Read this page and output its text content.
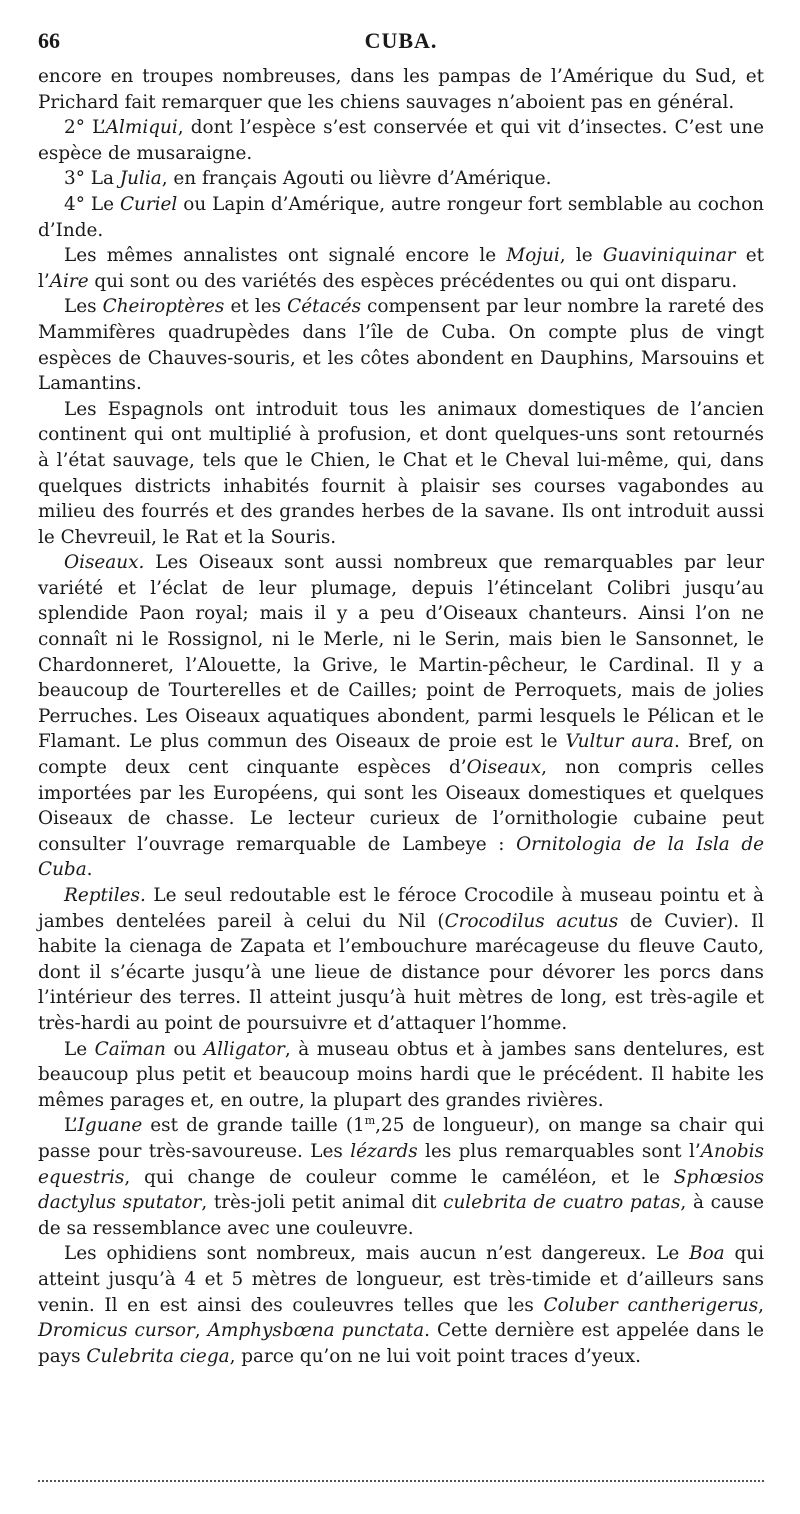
66	CUBA.

encore en troupes nombreuses, dans les pampas de l’Amérique du Sud, et Prichard fait remarquer que les chiens sauvages n’aboient pas en général.

2° L’Almiqui, dont l’espèce s’est conservée et qui vit d’insectes. C’est une espèce de musaraigne.

3° La Julia, en français Agouti ou lièvre d’Amérique.

4° Le Curiel ou Lapin d’Amérique, autre rongeur fort semblable au cochon d’Inde.

Les mêmes annalistes ont signalé encore le Mojui, le Guaviniquinar et l’Aire qui sont ou des variétés des espèces précédentes ou qui ont disparu.

Les Cheiroptères et les Cétacés compensent par leur nombre la rareté des Mammifères quadrupèdes dans l’île de Cuba. On compte plus de vingt espèces de Chauves-souris, et les côtes abondent en Dauphins, Marsouins et Lamantins.

Les Espagnols ont introduit tous les animaux domestiques de l’ancien continent qui ont multiplié à profusion, et dont quelques-uns sont retournés à l’état sauvage, tels que le Chien, le Chat et le Cheval lui-même, qui, dans quelques districts inhabités fournit à plaisir ses courses vagabondes au milieu des fourrés et des grandes herbes de la savane. Ils ont introduit aussi le Chevreuil, le Rat et la Souris.

Oiseaux. Les Oiseaux sont aussi nombreux que remarquables par leur variété et l’éclat de leur plumage, depuis l’étincelant Colibri jusqu’au splendide Paon royal; mais il y a peu d’Oiseaux chanteurs. Ainsi l’on ne connaît ni le Rossignol, ni le Merle, ni le Serin, mais bien le Sansonnet, le Chardonneret, l’Alouette, la Grive, le Martin-pêcheur, le Cardinal. Il y a beaucoup de Tourterelles et de Cailles; point de Perroquets, mais de jolies Perruches. Les Oiseaux aquatiques abondent, parmi lesquels le Pélican et le Flamant. Le plus commun des Oiseaux de proie est le Vultur aura. Bref, on compte deux cent cinquante espèces d’Oiseaux, non compris celles importées par les Européens, qui sont les Oiseaux domestiques et quelques Oiseaux de chasse. Le lecteur curieux de l’ornithologie cubaine peut consulter l’ouvrage remarquable de Lambeye : Ornitologia de la Isla de Cuba.

Reptiles. Le seul redoutable est le féroce Crocodile à museau pointu et à jambes dentelées pareil à celui du Nil (Crocodilus acutus de Cuvier). Il habite la cienaga de Zapata et l’embouchure marécageuse du fleuve Cauto, dont il s’écarte jusqu’à une lieue de distance pour dévorer les porcs dans l’intérieur des terres. Il atteint jusqu’à huit mètres de long, est très-agile et très-hardi au point de poursuivre et d’attaquer l’homme.

Le Caïman ou Alligator, à museau obtus et à jambes sans dentelures, est beaucoup plus petit et beaucoup moins hardi que le précédent. Il habite les mêmes parages et, en outre, la plupart des grandes rivières.

L’Iguane est de grande taille (1$^m$,25 de longueur), on mange sa chair qui passe pour très-savoureuse. Les lézards les plus remarquables sont l’Anobis equestris, qui change de couleur comme le caméléon, et le Sphœsios dactylus sputator, très-joli petit animal dit culebrita de cuatro patas, à cause de sa ressemblance avec une couleuvre.

Les ophidiens sont nombreux, mais aucun n’est dangereux. Le Boa qui atteint jusqu’à 4 et 5 mètres de longueur, est très-timide et d’ailleurs sans venin. Il en est ainsi des couleuvres telles que les Coluber cantherigerus, Dromicus cursor, Amphysbœna punctata. Cette dernière est appelée dans le pays Culebrita ciega, parce qu’on ne lui voit point traces d’yeux.
